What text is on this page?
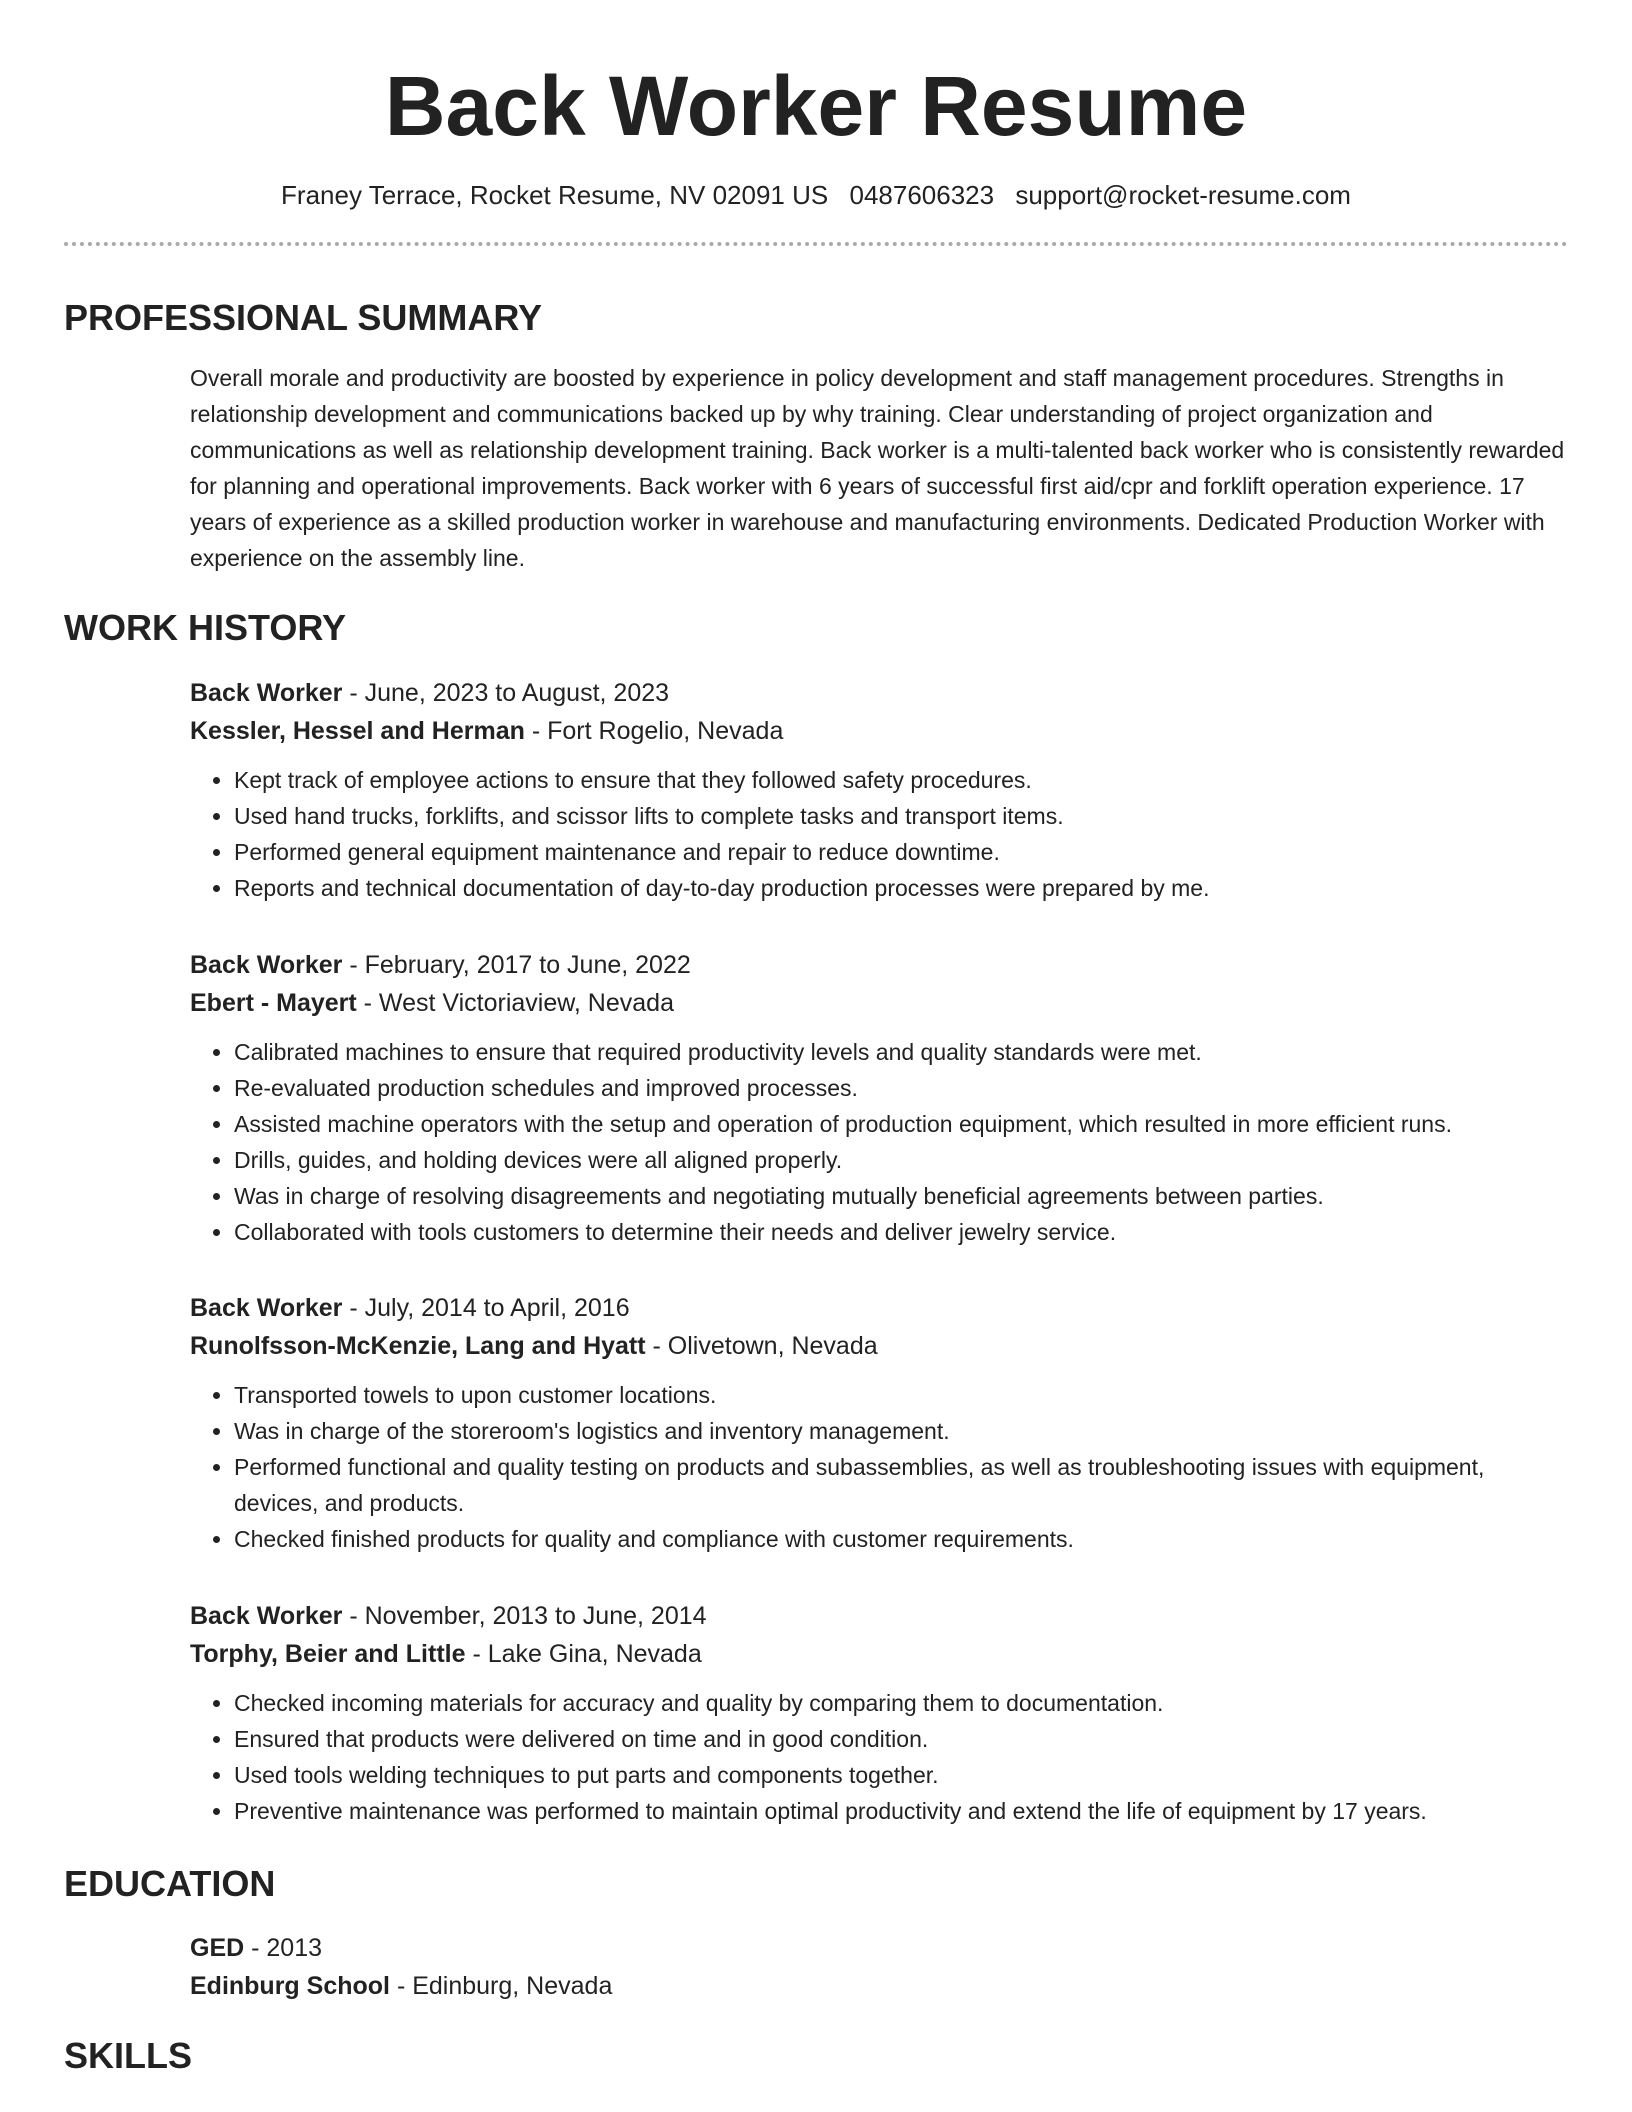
Back Worker Resume
Franey Terrace, Rocket Resume, NV 02091 US 0487606323 support@rocket-resume.com
PROFESSIONAL SUMMARY
Overall morale and productivity are boosted by experience in policy development and staff management procedures. Strengths in relationship development and communications backed up by why training. Clear understanding of project organization and communications as well as relationship development training. Back worker is a multi-talented back worker who is consistently rewarded for planning and operational improvements. Back worker with 6 years of successful first aid/cpr and forklift operation experience. 17 years of experience as a skilled production worker in warehouse and manufacturing environments. Dedicated Production Worker with experience on the assembly line.
WORK HISTORY
Back Worker - June, 2023 to August, 2023
Kessler, Hessel and Herman - Fort Rogelio, Nevada
• Kept track of employee actions to ensure that they followed safety procedures.
• Used hand trucks, forklifts, and scissor lifts to complete tasks and transport items.
• Performed general equipment maintenance and repair to reduce downtime.
• Reports and technical documentation of day-to-day production processes were prepared by me.
Back Worker - February, 2017 to June, 2022
Ebert - Mayert - West Victoriaview, Nevada
• Calibrated machines to ensure that required productivity levels and quality standards were met.
• Re-evaluated production schedules and improved processes.
• Assisted machine operators with the setup and operation of production equipment, which resulted in more efficient runs.
• Drills, guides, and holding devices were all aligned properly.
• Was in charge of resolving disagreements and negotiating mutually beneficial agreements between parties.
• Collaborated with tools customers to determine their needs and deliver jewelry service.
Back Worker - July, 2014 to April, 2016
Runolfsson-McKenzie, Lang and Hyatt - Olivetown, Nevada
• Transported towels to upon customer locations.
• Was in charge of the storeroom's logistics and inventory management.
• Performed functional and quality testing on products and subassemblies, as well as troubleshooting issues with equipment, devices, and products.
• Checked finished products for quality and compliance with customer requirements.
Back Worker - November, 2013 to June, 2014
Torphy, Beier and Little - Lake Gina, Nevada
• Checked incoming materials for accuracy and quality by comparing them to documentation.
• Ensured that products were delivered on time and in good condition.
• Used tools welding techniques to put parts and components together.
• Preventive maintenance was performed to maintain optimal productivity and extend the life of equipment by 17 years.
EDUCATION
GED - 2013
Edinburg School - Edinburg, Nevada
SKILLS
